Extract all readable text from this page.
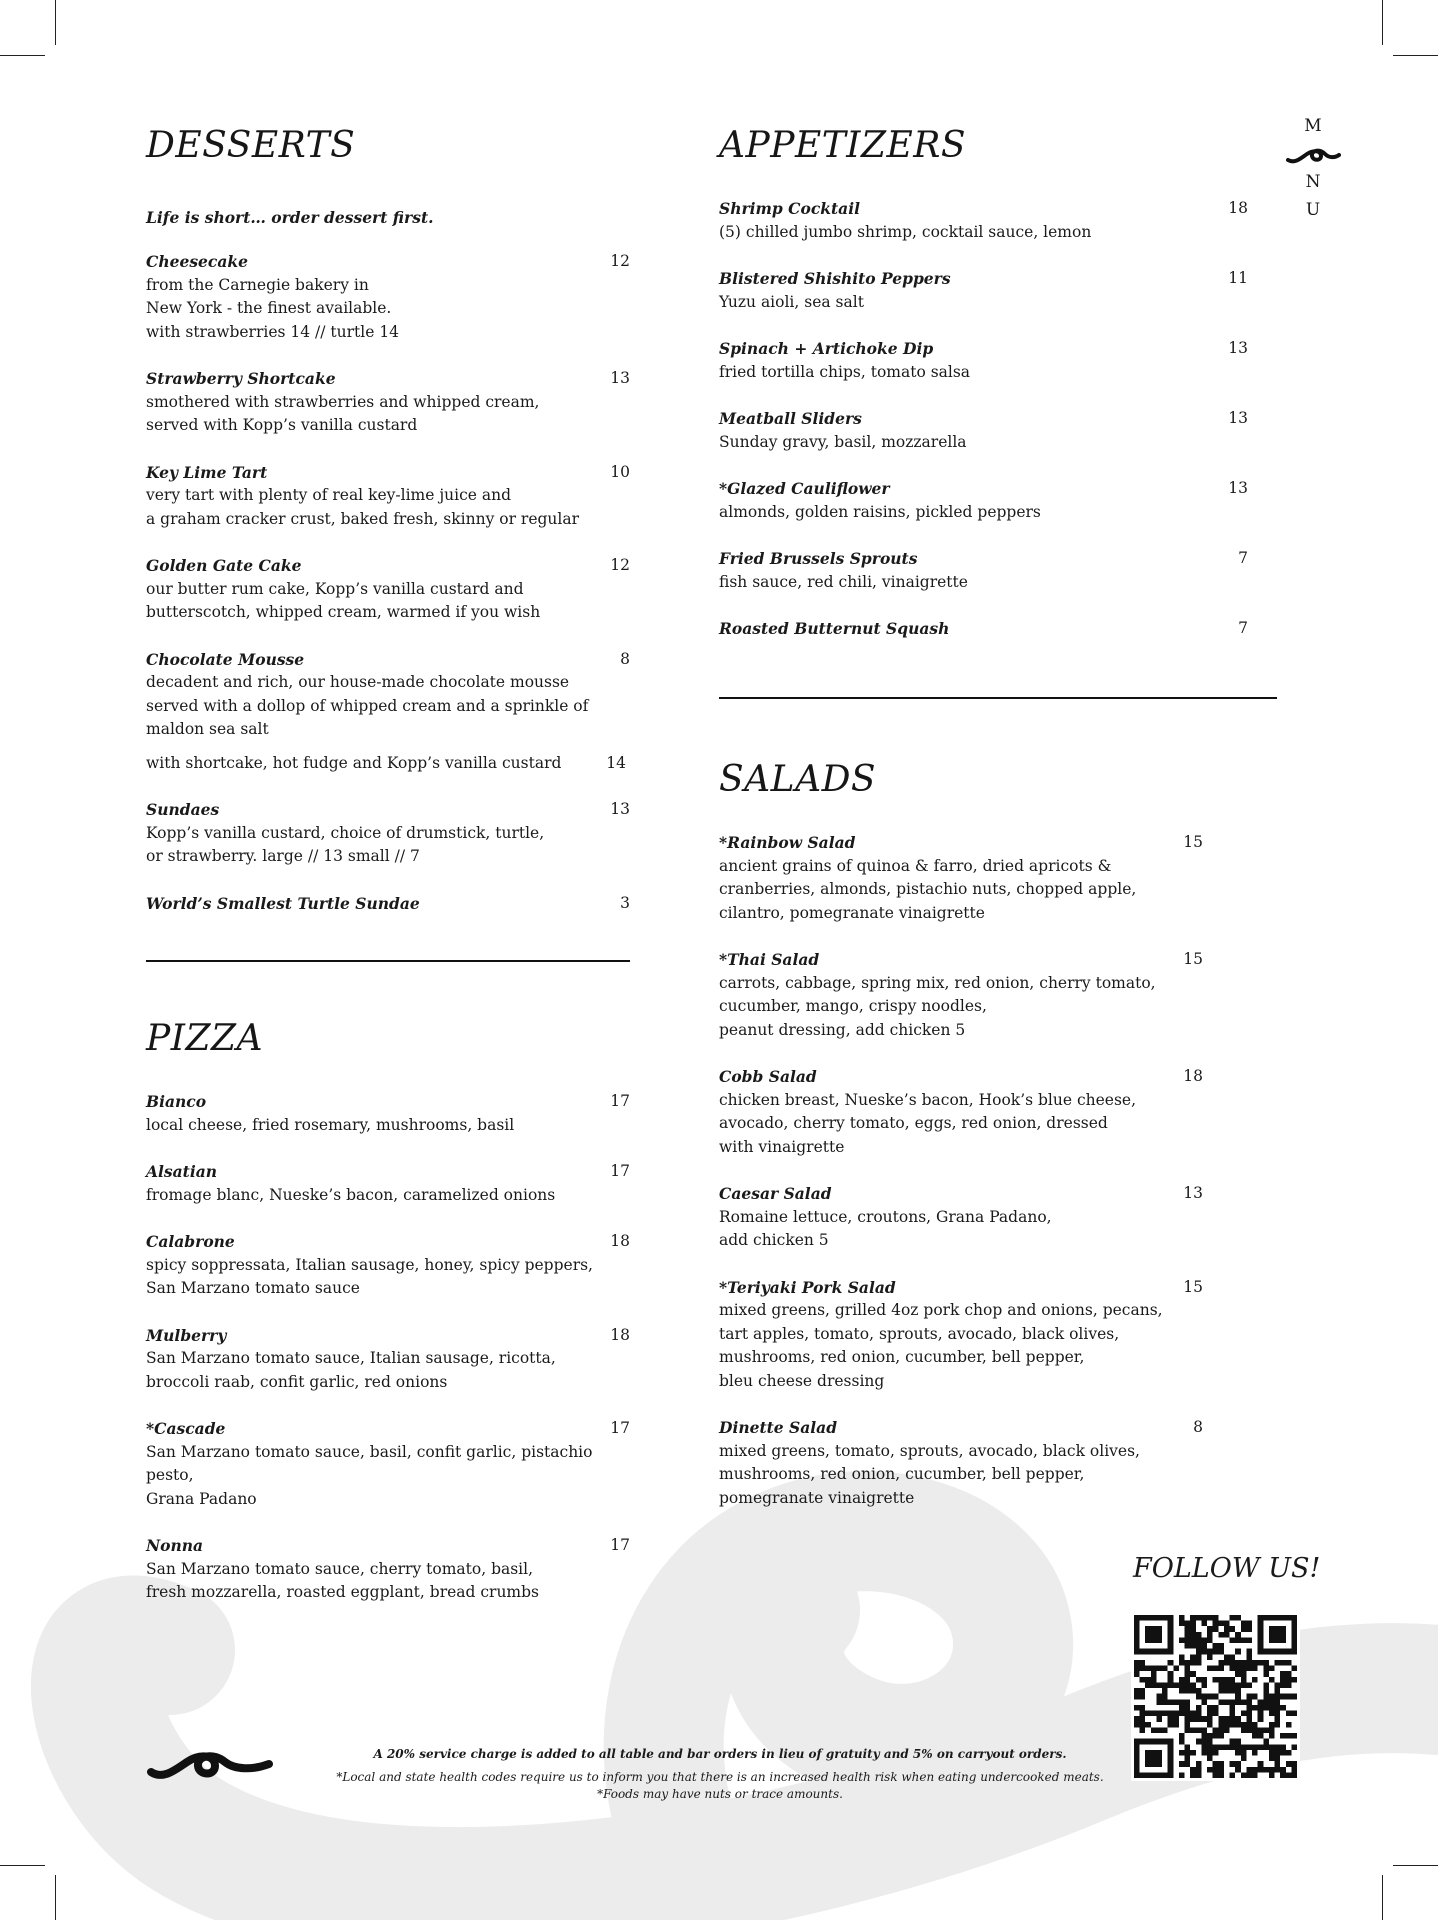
M
N
U
DESSERTS
Life is short… order dessert first.
Cheesecake	12
from the Carnegie bakery in
New York - the finest available.
with strawberries 14 // turtle 14
Strawberry Shortcake	13
smothered with strawberries and whipped cream,
served with Kopp’s vanilla custard
Key Lime Tart	10
very tart with plenty of real key-lime juice and
a graham cracker crust, baked fresh, skinny or regular
Golden Gate Cake	12
our butter rum cake, Kopp’s vanilla custard and
butterscotch, whipped cream, warmed if you wish
Chocolate Mousse	8
decadent and rich, our house-made chocolate mousse
served with a dollop of whipped cream and a sprinkle of
maldon sea salt
with shortcake, hot fudge and Kopp’s vanilla custard	14
Sundaes	13
Kopp’s vanilla custard, choice of drumstick, turtle,
or strawberry. large // 13 small // 7
World’s Smallest Turtle Sundae	3
PIZZA
Bianco	17
local cheese, fried rosemary, mushrooms, basil
Alsatian	17
fromage blanc, Nueske’s bacon, caramelized onions
Calabrone	18
spicy soppressata, Italian sausage, honey, spicy peppers,
San Marzano tomato sauce
Mulberry	18
San Marzano tomato sauce, Italian sausage, ricotta,
broccoli raab, confit garlic, red onions
*Cascade	17
San Marzano tomato sauce, basil, confit garlic, pistachio pesto,
Grana Padano
Nonna	17
San Marzano tomato sauce, cherry tomato, basil,
fresh mozzarella, roasted eggplant, bread crumbs
APPETIZERS
Shrimp Cocktail	18
(5) chilled jumbo shrimp, cocktail sauce, lemon
Blistered Shishito Peppers	11
Yuzu aioli, sea salt
Spinach + Artichoke Dip	13
fried tortilla chips, tomato salsa
Meatball Sliders	13
Sunday gravy, basil, mozzarella
*Glazed Cauliflower	13
almonds, golden raisins, pickled peppers
Fried Brussels Sprouts	7
fish sauce, red chili, vinaigrette
Roasted Butternut Squash	7
SALADS
*Rainbow Salad	15
ancient grains of quinoa & farro, dried apricots &
cranberries, almonds, pistachio nuts, chopped apple,
cilantro, pomegranate vinaigrette
*Thai Salad	15
carrots, cabbage, spring mix, red onion, cherry tomato,
cucumber, mango, crispy noodles,
peanut dressing, add chicken 5
Cobb Salad	18
chicken breast, Nueske’s bacon, Hook’s blue cheese,
avocado, cherry tomato, eggs, red onion, dressed
with vinaigrette
Caesar Salad	13
Romaine lettuce, croutons, Grana Padano,
add chicken 5
*Teriyaki Pork Salad	15
mixed greens, grilled 4oz pork chop and onions, pecans,
tart apples, tomato, sprouts, avocado, black olives,
mushrooms, red onion, cucumber, bell pepper,
bleu cheese dressing
Dinette Salad	8
mixed greens, tomato, sprouts, avocado, black olives,
mushrooms, red onion, cucumber, bell pepper,
pomegranate vinaigrette
FOLLOW US!
A 20% service charge is added to all table and bar orders in lieu of gratuity and 5% on carryout orders.
*Local and state health codes require us to inform you that there is an increased health risk when eating undercooked meats.
*Foods may have nuts or trace amounts.
